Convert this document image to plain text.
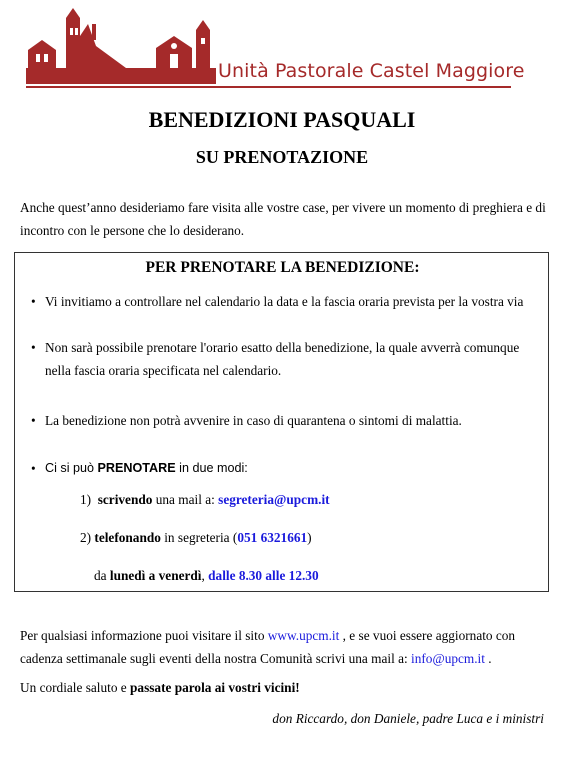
Unità Pastorale Castel Maggiore
BENEDIZIONI PASQUALI
SU PRENOTAZIONE
Anche quest’anno desideriamo fare visita alle vostre case, per vivere un momento di preghiera e di incontro con le persone che lo desiderano.
PER PRENOTARE LA BENEDIZIONE:
• Vi invitiamo a controllare nel calendario la data e la fascia oraria prevista per la vostra via
• Non sarà possibile prenotare l'orario esatto della benedizione, la quale avverrà comunque nella fascia oraria specificata nel calendario.
• La benedizione non potrà avvenire in caso di quarantena o sintomi di malattia.
• Ci si può PRENOTARE in due modi:
1) scrivendo una mail a: segreteria@upcm.it
2) telefonando in segreteria (051 6321661)
da lunedì a venerdì, dalle 8.30 alle 12.30
Per qualsiasi informazione puoi visitare il sito www.upcm.it , e se vuoi essere aggiornato con cadenza settimanale sugli eventi della nostra Comunità scrivi una mail a: info@upcm.it .
Un cordiale saluto e passate parola ai vostri vicini!
don Riccardo, don Daniele, padre Luca e i ministri
